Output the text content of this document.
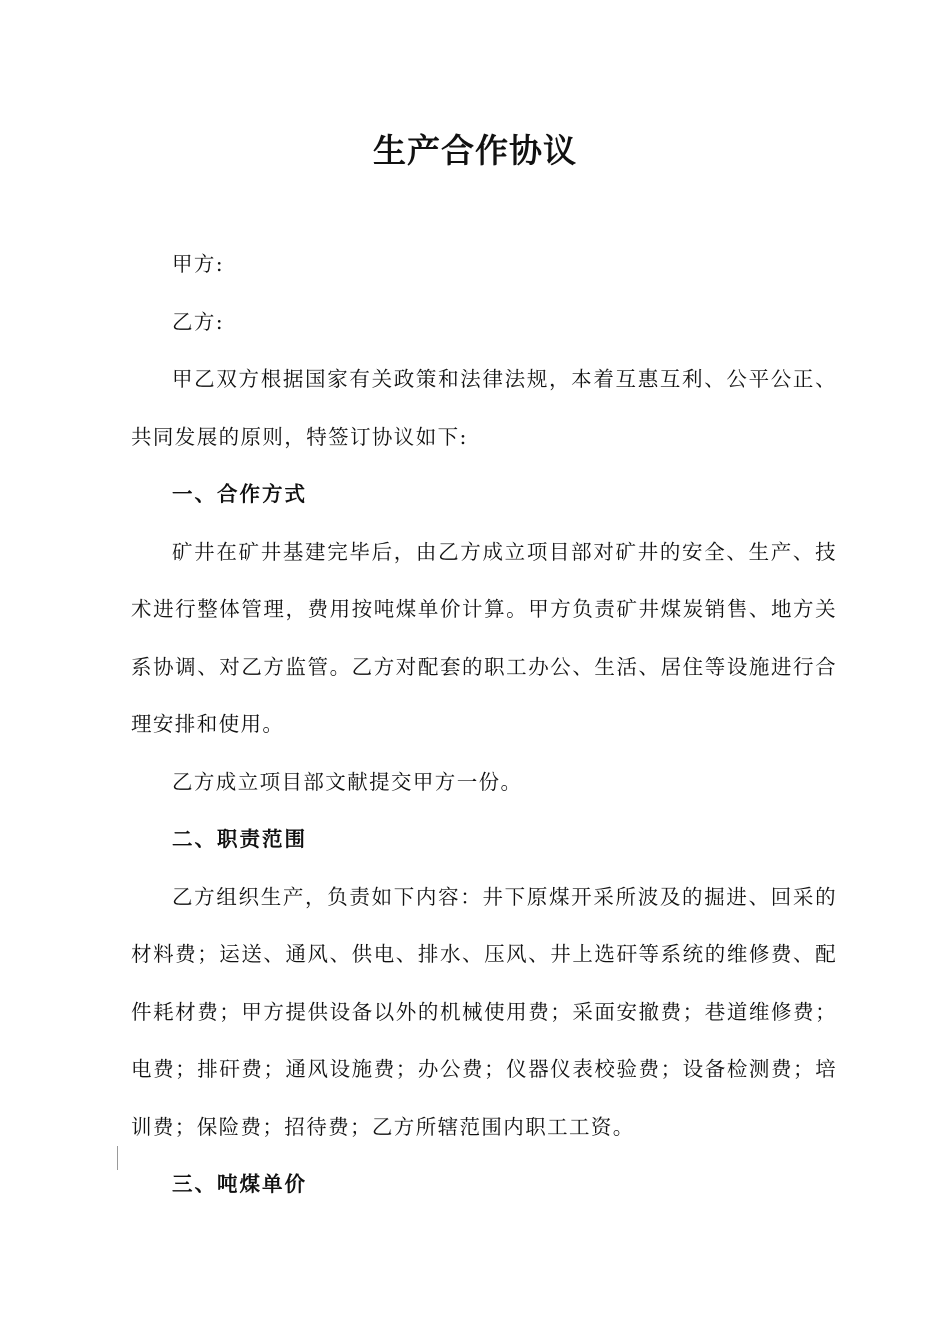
生产合作协议

甲方:

乙方:

甲乙双方根据国家有关政策和法律法规，本着互惠互利、公平公正、共同发展的原则，特签订协议如下:

一、合作方式

矿井在矿井基建完毕后，由乙方成立项目部对矿井的安全、生产、技术进行整体管理，费用按吨煤单价计算。甲方负责矿井煤炭销售、地方关系协调、对乙方监管。乙方对配套的职工办公、生活、居住等设施进行合理安排和使用。

乙方成立项目部文献提交甲方一份。

二、职责范围

乙方组织生产，负责如下内容：井下原煤开采所波及的掘进、回采的材料费；运送、通风、供电、排水、压风、井上选矸等系统的维修费、配件耗材费；甲方提供设备以外的机械使用费；采面安撤费；巷道维修费；电费；排矸费；通风设施费；办公费；仪器仪表校验费；设备检测费；培训费；保险费；招待费；乙方所辖范围内职工工资。

三、吨煤单价
